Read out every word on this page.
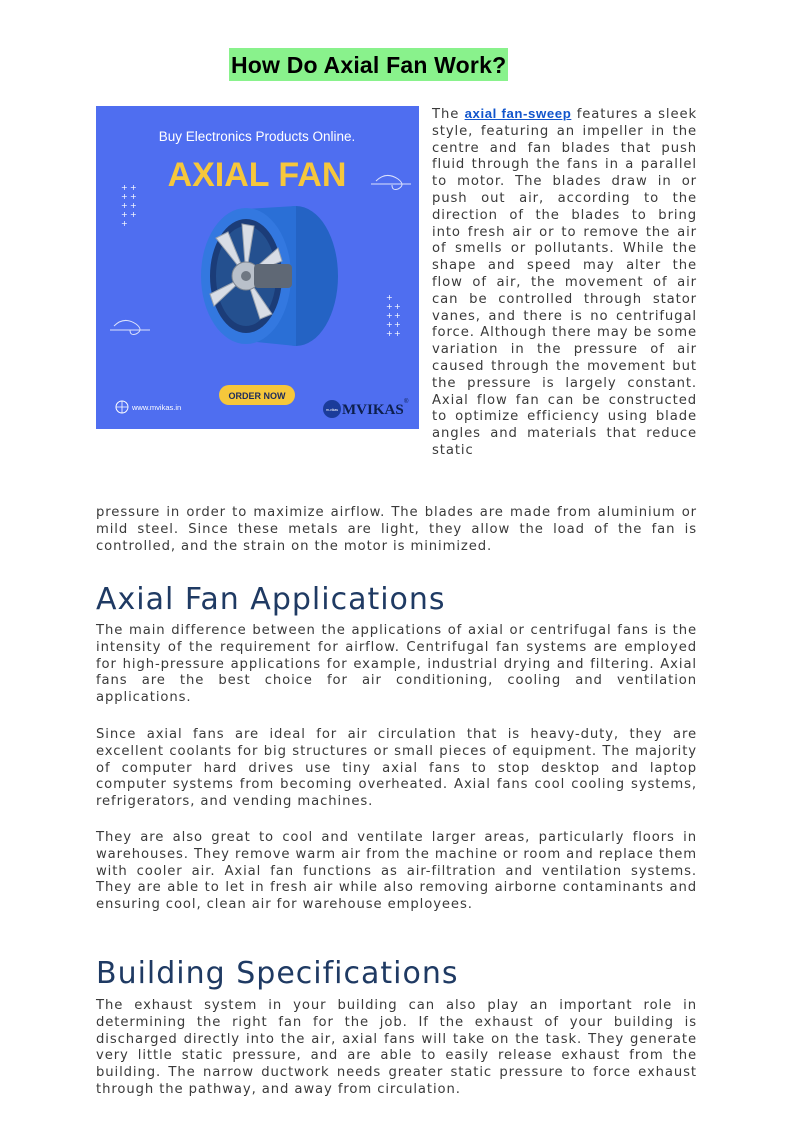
How Do Axial Fan Work?
Buy Electronics Products Online.
AXIAL FAN
+ +
+ +
+ +
+ +
+
+
+ +
+ +
+ +
+ +
ORDER NOW
www.mvikas.in	m-vikas MVIKAS ®

The axial fan-sweep features a sleek style, featuring an impeller in the centre and fan blades that push fluid through the fans in a parallel to motor. The blades draw in or push out air, according to the direction of the blades to bring into fresh air or to remove the air of smells or pollutants. While the shape and speed may alter the flow of air, the movement of air can be controlled through stator vanes, and there is no centrifugal force. Although there may be some variation in the pressure of air caused through the movement but the pressure is largely constant. Axial flow fan can be constructed to optimize efficiency using blade angles and materials that reduce static

pressure in order to maximize airflow. The blades are made from aluminium or mild steel. Since these metals are light, they allow the load of the fan is controlled, and the strain on the motor is minimized.

Axial Fan Applications

The main difference between the applications of axial or centrifugal fans is the intensity of the requirement for airflow. Centrifugal fan systems are employed for high-pressure applications for example, industrial drying and filtering. Axial fans are the best choice for air conditioning, cooling and ventilation applications.

Since axial fans are ideal for air circulation that is heavy-duty, they are excellent coolants for big structures or small pieces of equipment. The majority of computer hard drives use tiny axial fans to stop desktop and laptop computer systems from becoming overheated. Axial fans cool cooling systems, refrigerators, and vending machines.

They are also great to cool and ventilate larger areas, particularly floors in warehouses. They remove warm air from the machine or room and replace them with cooler air. Axial fan functions as air-filtration and ventilation systems. They are able to let in fresh air while also removing airborne contaminants and ensuring cool, clean air for warehouse employees.

Building Specifications

The exhaust system in your building can also play an important role in determining the right fan for the job. If the exhaust of your building is discharged directly into the air, axial fans will take on the task. They generate very little static pressure, and are able to easily release exhaust from the building. The narrow ductwork needs greater static pressure to force exhaust through the pathway, and away from circulation.
